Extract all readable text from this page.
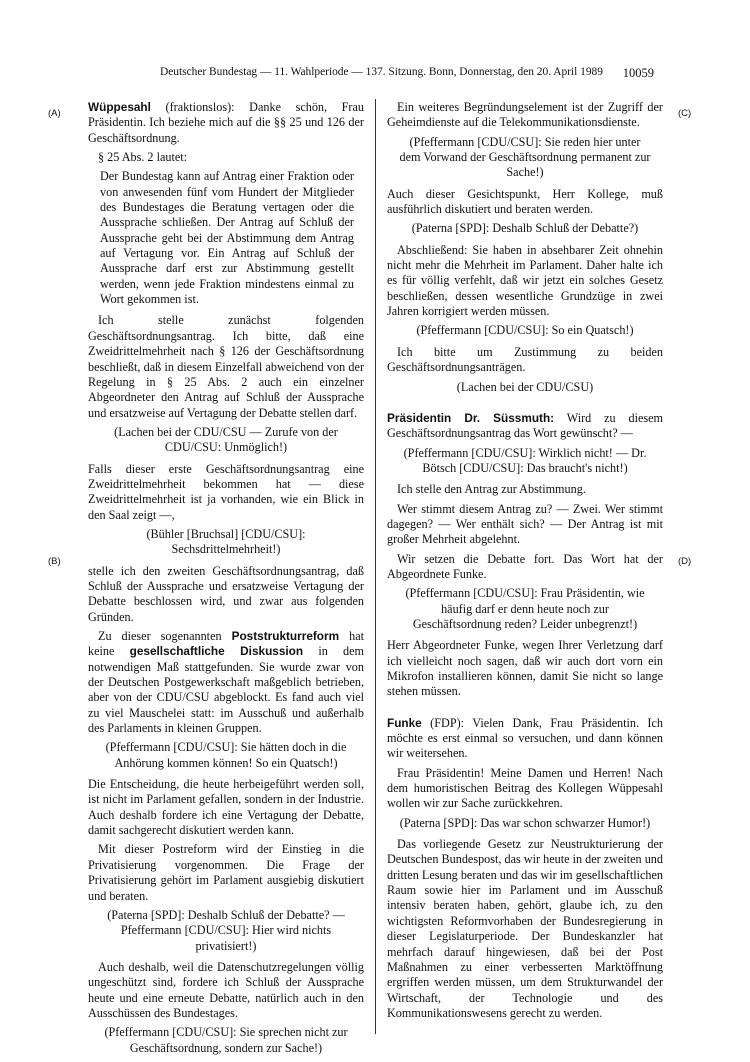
Deutscher Bundestag — 11. Wahlperiode — 137. Sitzung. Bonn, Donnerstag, den 20. April 1989 10059
(A)
(B)
(C)
(D)

Wüppesahl (fraktionslos): Danke schön, Frau Präsidentin. Ich beziehe mich auf die §§ 25 und 126 der Geschäftsordnung.

§ 25 Abs. 2 lautet:

Der Bundestag kann auf Antrag einer Fraktion oder von anwesenden fünf vom Hundert der Mitglieder des Bundestages die Beratung vertagen oder die Aussprache schließen. Der Antrag auf Schluß der Aussprache geht bei der Abstimmung dem Antrag auf Vertagung vor. Ein Antrag auf Schluß der Aussprache darf erst zur Abstimmung gestellt werden, wenn jede Fraktion mindestens einmal zu Wort gekommen ist.

Ich stelle zunächst folgenden Geschäftsordnungsantrag. Ich bitte, daß eine Zweidrittelmehrheit nach § 126 der Geschäftsordnung beschließt, daß in diesem Einzelfall abweichend von der Regelung in § 25 Abs. 2 auch ein einzelner Abgeordneter den Antrag auf Schluß der Aussprache und ersatzweise auf Vertagung der Debatte stellen darf.

(Lachen bei der CDU/CSU — Zurufe von der CDU/CSU: Unmöglich!)

Falls dieser erste Geschäftsordnungsantrag eine Zweidrittelmehrheit bekommen hat — diese Zweidrittelmehrheit ist ja vorhanden, wie ein Blick in den Saal zeigt —,

(Bühler [Bruchsal] [CDU/CSU]: Sechsdrittelmehrheit!)

stelle ich den zweiten Geschäftsordnungsantrag, daß Schluß der Aussprache und ersatzweise Vertagung der Debatte beschlossen wird, und zwar aus folgenden Gründen.

Zu dieser sogenannten Poststrukturreform hat keine gesellschaftliche Diskussion in dem notwendigen Maß stattgefunden. Sie wurde zwar von der Deutschen Postgewerkschaft maßgeblich betrieben, aber von der CDU/CSU abgeblockt. Es fand auch viel zu viel Mauschelei statt: im Ausschuß und außerhalb des Parlaments in kleinen Gruppen.

(Pfeffermann [CDU/CSU]: Sie hätten doch in die Anhörung kommen können! So ein Quatsch!)

Die Entscheidung, die heute herbeigeführt werden soll, ist nicht im Parlament gefallen, sondern in der Industrie. Auch deshalb fordere ich eine Vertagung der Debatte, damit sachgerecht diskutiert werden kann.

Mit dieser Postreform wird der Einstieg in die Privatisierung vorgenommen. Die Frage der Privatisierung gehört im Parlament ausgiebig diskutiert und beraten.

(Paterna [SPD]: Deshalb Schluß der Debatte? — Pfeffermann [CDU/CSU]: Hier wird nichts privatisiert!)

Auch deshalb, weil die Datenschutzregelungen völlig ungeschützt sind, fordere ich Schluß der Aussprache heute und eine erneute Debatte, natürlich auch in den Ausschüssen des Bundestages.

(Pfeffermann [CDU/CSU]: Sie sprechen nicht zur Geschäftsordnung, sondern zur Sache!)

Ein weiteres Begründungselement ist der Zugriff der Geheimdienste auf die Telekommunikationsdienste.

(Pfeffermann [CDU/CSU]: Sie reden hier unter dem Vorwand der Geschäftsordnung permanent zur Sache!)

Auch dieser Gesichtspunkt, Herr Kollege, muß ausführlich diskutiert und beraten werden.

(Paterna [SPD]: Deshalb Schluß der Debatte?)

Abschließend: Sie haben in absehbarer Zeit ohnehin nicht mehr die Mehrheit im Parlament. Daher halte ich es für völlig verfehlt, daß wir jetzt ein solches Gesetz beschließen, dessen wesentliche Grundzüge in zwei Jahren korrigiert werden müssen.

(Pfeffermann [CDU/CSU]: So ein Quatsch!)

Ich bitte um Zustimmung zu beiden Geschäftsordnungsanträgen.

(Lachen bei der CDU/CSU)

Präsidentin Dr. Süssmuth: Wird zu diesem Geschäftsordnungsantrag das Wort gewünscht? —

(Pfeffermann [CDU/CSU]: Wirklich nicht! — Dr. Bötsch [CDU/CSU]: Das braucht's nicht!)

Ich stelle den Antrag zur Abstimmung.

Wer stimmt diesem Antrag zu? — Zwei. Wer stimmt dagegen? — Wer enthält sich? — Der Antrag ist mit großer Mehrheit abgelehnt.

Wir setzen die Debatte fort. Das Wort hat der Abgeordnete Funke.

(Pfeffermann [CDU/CSU]: Frau Präsidentin, wie häufig darf er denn heute noch zur Geschäftsordnung reden? Leider unbegrenzt!)

Herr Abgeordneter Funke, wegen Ihrer Verletzung darf ich vielleicht noch sagen, daß wir auch dort vorn ein Mikrofon installieren können, damit Sie nicht so lange stehen müssen.

Funke (FDP): Vielen Dank, Frau Präsidentin. Ich möchte es erst einmal so versuchen, und dann können wir weitersehen.

Frau Präsidentin! Meine Damen und Herren! Nach dem humoristischen Beitrag des Kollegen Wüppesahl wollen wir zur Sache zurückkehren.

(Paterna [SPD]: Das war schon schwarzer Humor!)

Das vorliegende Gesetz zur Neustrukturierung der Deutschen Bundespost, das wir heute in der zweiten und dritten Lesung beraten und das wir im gesellschaftlichen Raum sowie hier im Parlament und im Ausschuß intensiv beraten haben, gehört, glaube ich, zu den wichtigsten Reformvorhaben der Bundesregierung in dieser Legislaturperiode. Der Bundeskanzler hat mehrfach darauf hingewiesen, daß bei der Post Maßnahmen zu einer verbesserten Marktöffnung ergriffen werden müssen, um dem Strukturwandel der Wirtschaft, der Technologie und des Kommunikationswesens gerecht zu werden.
